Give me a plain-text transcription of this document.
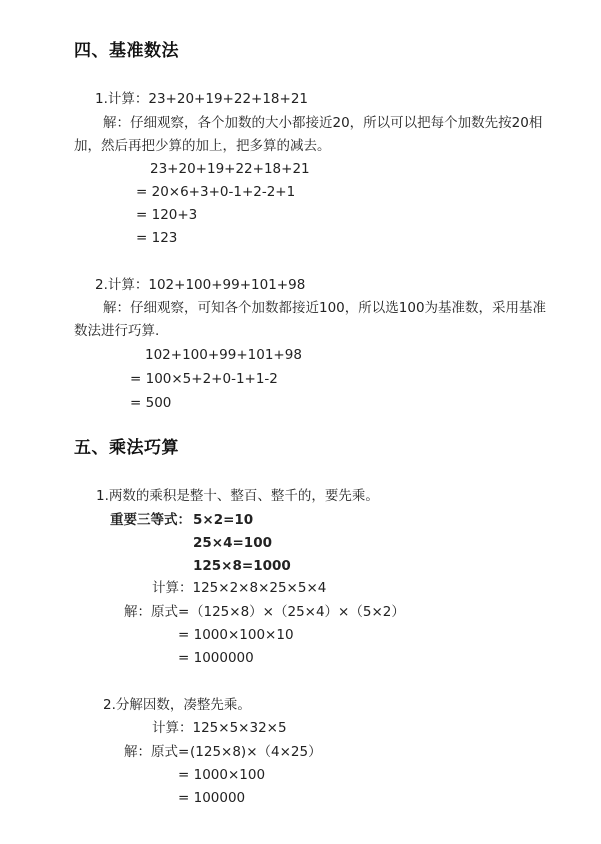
四、基准数法
1.计算：23+20+19+22+18+21
解：仔细观察，各个加数的大小都接近20，所以可以把每个加数先按20相
加，然后再把少算的加上，把多算的减去。
23+20+19+22+18+21
= 20×6+3+0-1+2-2+1
= 120+3
= 123
2.计算：102+100+99+101+98
解：仔细观察，可知各个加数都接近100，所以选100为基准数，采用基准
数法进行巧算.
102+100+99+101+98
= 100×5+2+0-1+1-2
= 500
五、乘法巧算
1.两数的乘积是整十、整百、整千的，要先乘。
重要三等式： 5×2=10
25×4=100
125×8=1000
计算：125×2×8×25×5×4
解：原式= （125×8）×（25×4）×（5×2）
= 1000×100×10
= 1000000
2.分解因数，凑整先乘。
计算：125×5×32×5
解：原式= (125×8)×（4×25）
= 1000×100
= 100000
